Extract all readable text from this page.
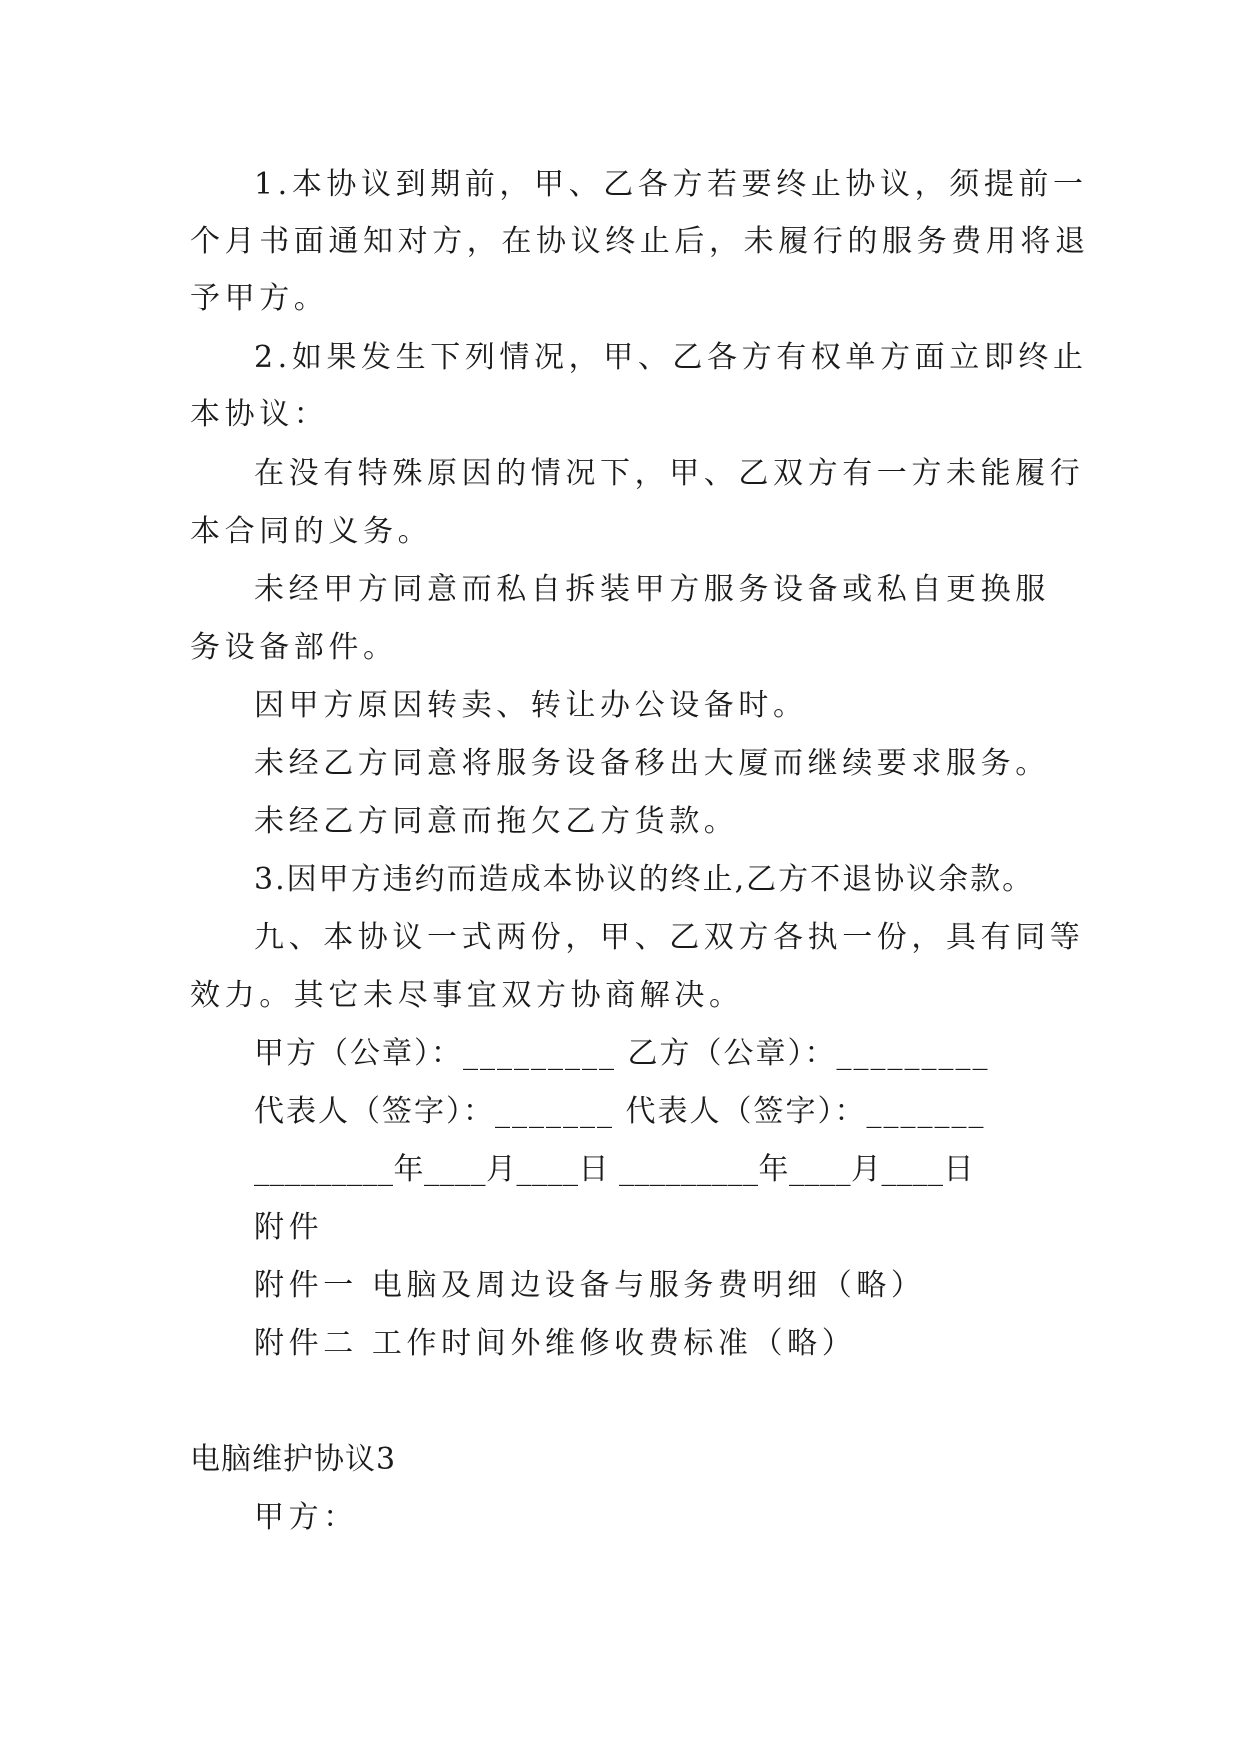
1.本协议到期前，甲、乙各方若要终止协议，须提前一

个月书面通知对方，在协议终止后，未履行的服务费用将退

予甲方。

2.如果发生下列情况，甲、乙各方有权单方面立即终止

本协议：

在没有特殊原因的情况下，甲、乙双方有一方未能履行

本合同的义务。

未经甲方同意而私自拆装甲方服务设备或私自更换服

务设备部件。

因甲方原因转卖、转让办公设备时。

未经乙方同意将服务设备移出大厦而继续要求服务。

未经乙方同意而拖欠乙方货款。

3.因甲方违约而造成本协议的终止,乙方不退协议余款。

九、本协议一式两份，甲、乙双方各执一份，具有同等

效力。其它未尽事宜双方协商解决。

甲方（公章）：_________ 乙方（公章）：_________

代表人（签字）：_______ 代表人（签字）：_______

_________年____月____日 _________年____月____日

附件

附件一 电脑及周边设备与服务费明细（略）

附件二 工作时间外维修收费标准（略）

电脑维护协议3

甲方：
